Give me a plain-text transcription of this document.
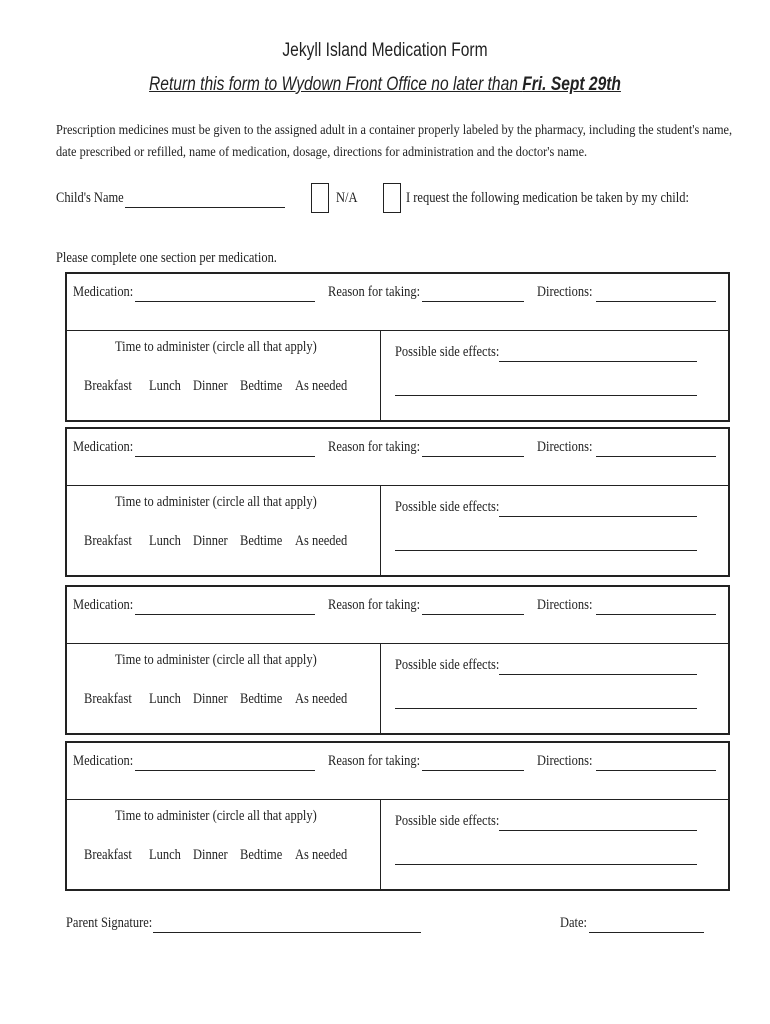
Jekyll Island Medication Form
Return this form to Wydown Front Office no later than Fri. Sept 29th
Prescription medicines must be given to the assigned adult in a container properly labeled by the pharmacy, including the student's name, date prescribed or refilled, name of medication, dosage, directions for administration and the doctor's name.
Child's Name	N/A	I request the following medication be taken by my child:
Please complete one section per medication.
Medication:	Reason for taking:	Directions:
Time to administer (circle all that apply)
Breakfast Lunch Dinner Bedtime As needed
Possible side effects:
Medication:	Reason for taking:	Directions:
Time to administer (circle all that apply)
Breakfast Lunch Dinner Bedtime As needed
Possible side effects:
Medication:	Reason for taking:	Directions:
Time to administer (circle all that apply)
Breakfast Lunch Dinner Bedtime As needed
Possible side effects:
Medication:	Reason for taking:	Directions:
Time to administer (circle all that apply)
Breakfast Lunch Dinner Bedtime As needed
Possible side effects:
Parent Signature:	Date:
